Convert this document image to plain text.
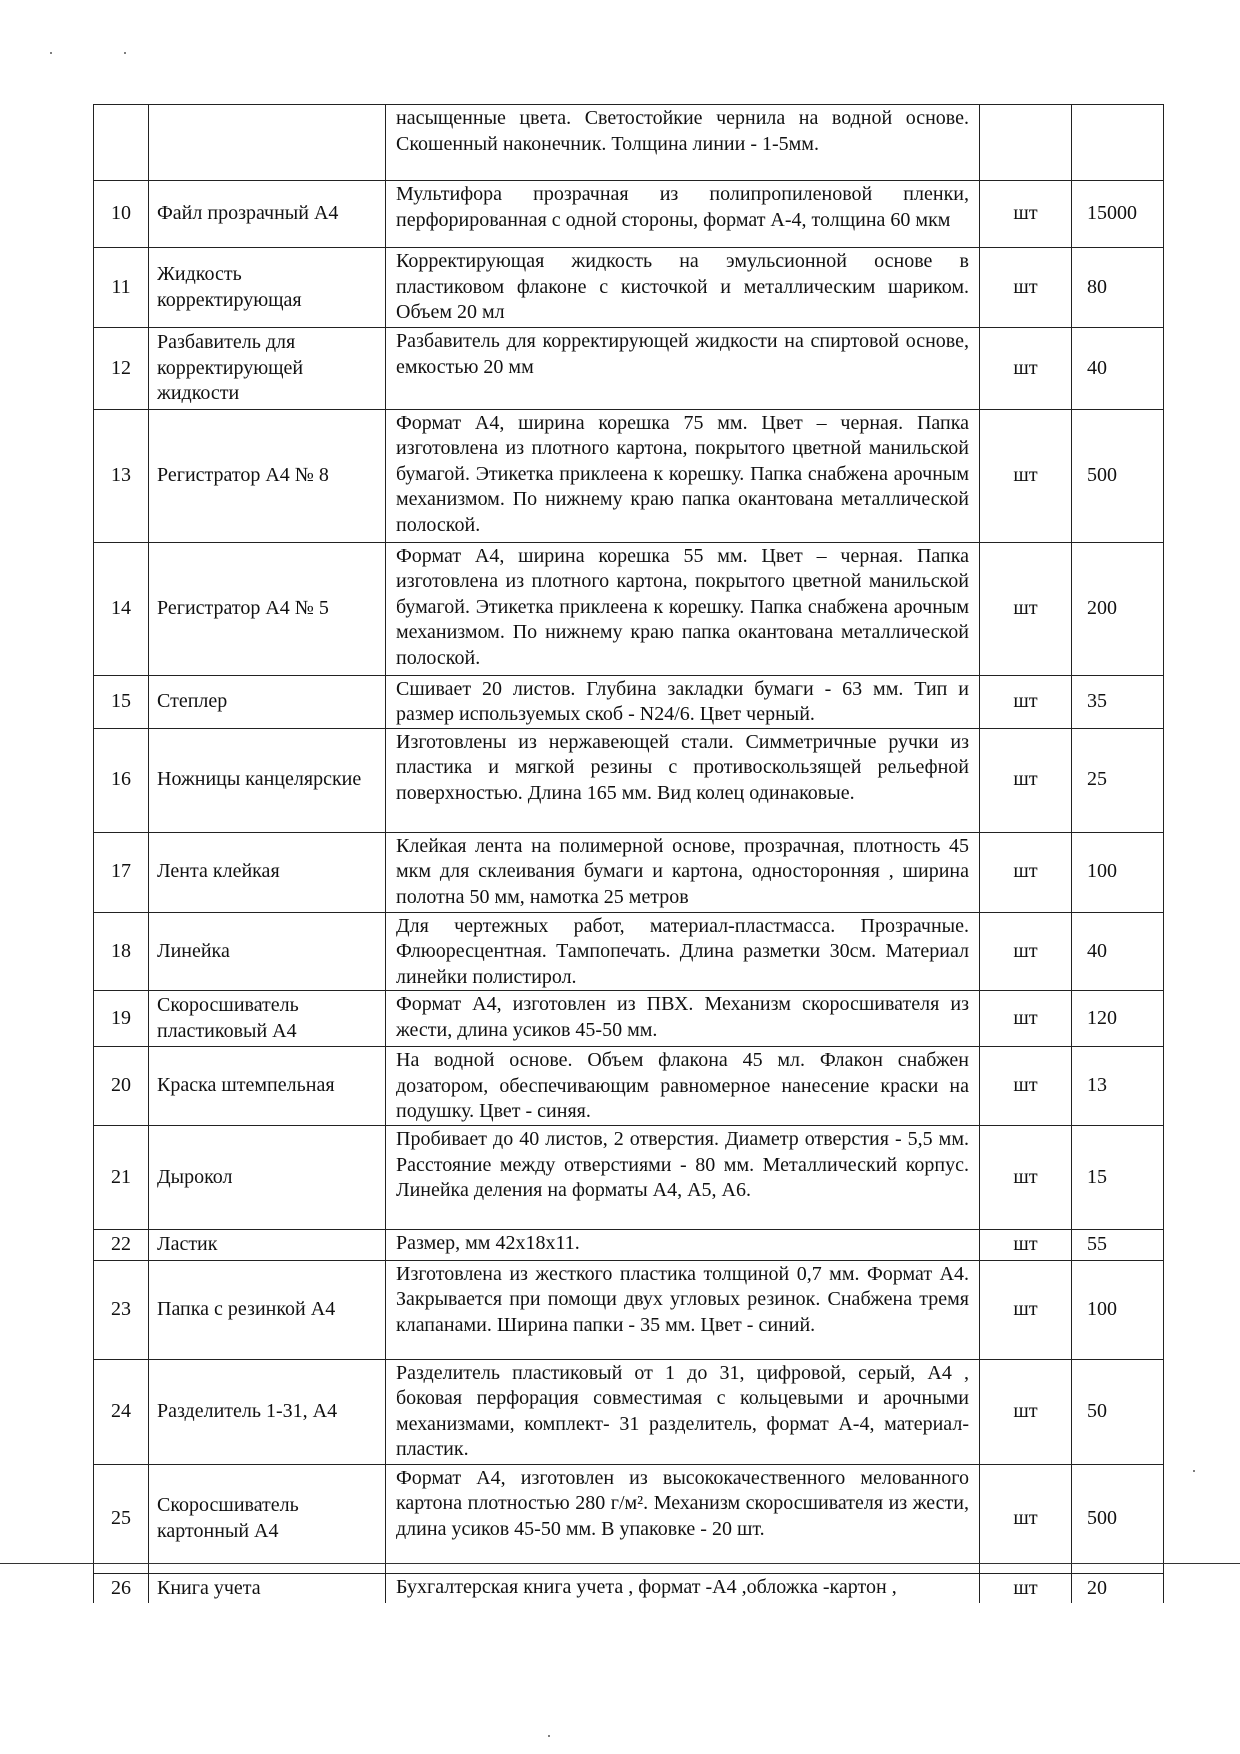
		насыщенные цвета. Светостойкие чернила на водной основе. Скошенный наконечник. Толщина линии - 1-5мм.		
10	Файл прозрачный А4	Мультифора прозрачная из полипропиленовой пленки, перфорированная с одной стороны, формат А-4, толщина 60 мкм	шт	15000
11	Жидкость корректирующая	Корректирующая жидкость на эмульсионной основе в пластиковом флаконе с кисточкой и металлическим шариком. Объем 20 мл	шт	80
12	Разбавитель для корректирующей жидкости	Разбавитель для корректирующей жидкости на спиртовой основе, емкостью 20 мм	шт	40
13	Регистратор А4 № 8	Формат А4, ширина корешка 75 мм. Цвет – черная. Папка изготовлена из плотного картона, покрытого цветной манильской бумагой. Этикетка приклеена к корешку. Папка снабжена арочным механизмом. По нижнему краю папка окантована металлической полоской.	шт	500
14	Регистратор А4 № 5	Формат А4, ширина корешка 55 мм. Цвет – черная. Папка изготовлена из плотного картона, покрытого цветной манильской бумагой. Этикетка приклеена к корешку. Папка снабжена арочным механизмом. По нижнему краю папка окантована металлической полоской.	шт	200
15	Степлер	Сшивает 20 листов. Глубина закладки бумаги - 63 мм. Тип и размер используемых скоб - N24/6. Цвет черный.	шт	35
16	Ножницы канцелярские	Изготовлены из нержавеющей стали. Симметричные ручки из пластика и мягкой резины с противоскользящей рельефной поверхностью. Длина 165 мм. Вид колец одинаковые.	шт	25
17	Лента клейкая	Клейкая лента на полимерной основе, прозрачная, плотность 45 мкм для склеивания бумаги и картона, односторонняя , ширина полотна 50 мм, намотка 25 метров	шт	100
18	Линейка	Для чертежных работ, материал-пластмасса. Прозрачные. Флюоресцентная. Тампопечать. Длина разметки 30см. Материал линейки полистирол.	шт	40
19	Скоросшиватель пластиковый А4	Формат А4, изготовлен из ПВХ. Механизм скоросшивателя из жести, длина усиков 45-50 мм.	шт	120
20	Краска штемпельная	На водной основе. Объем флакона 45 мл. Флакон снабжен дозатором, обеспечивающим равномерное нанесение краски на подушку. Цвет - синяя.	шт	13
21	Дырокол	Пробивает до 40 листов, 2 отверстия. Диаметр отверстия - 5,5 мм. Расстояние между отверстиями - 80 мм. Металлический корпус. Линейка деления на форматы А4, А5, А6.	шт	15
22	Ластик	Размер, мм 42х18х11.	шт	55
23	Папка с резинкой А4	Изготовлена из жесткого пластика толщиной 0,7 мм. Формат А4. Закрывается при помощи двух угловых резинок. Снабжена тремя клапанами. Ширина папки - 35 мм. Цвет - синий.	шт	100
24	Разделитель 1-31, А4	Разделитель пластиковый от 1 до 31, цифровой, серый, А4 , боковая перфорация совместимая с кольцевыми и арочными механизмами, комплект- 31 разделитель, формат А-4, материал-пластик.	шт	50
25	Скоросшиватель картонный А4	Формат А4, изготовлен из высококачественного мелованного картона плотностью 280 г/м². Механизм скоросшивателя из жести, длина усиков 45-50 мм. В упаковке - 20 шт.	шт	500
26	Книга учета	Бухгалтерская книга учета , формат -А4 ,обложка -картон ,	шт	20
